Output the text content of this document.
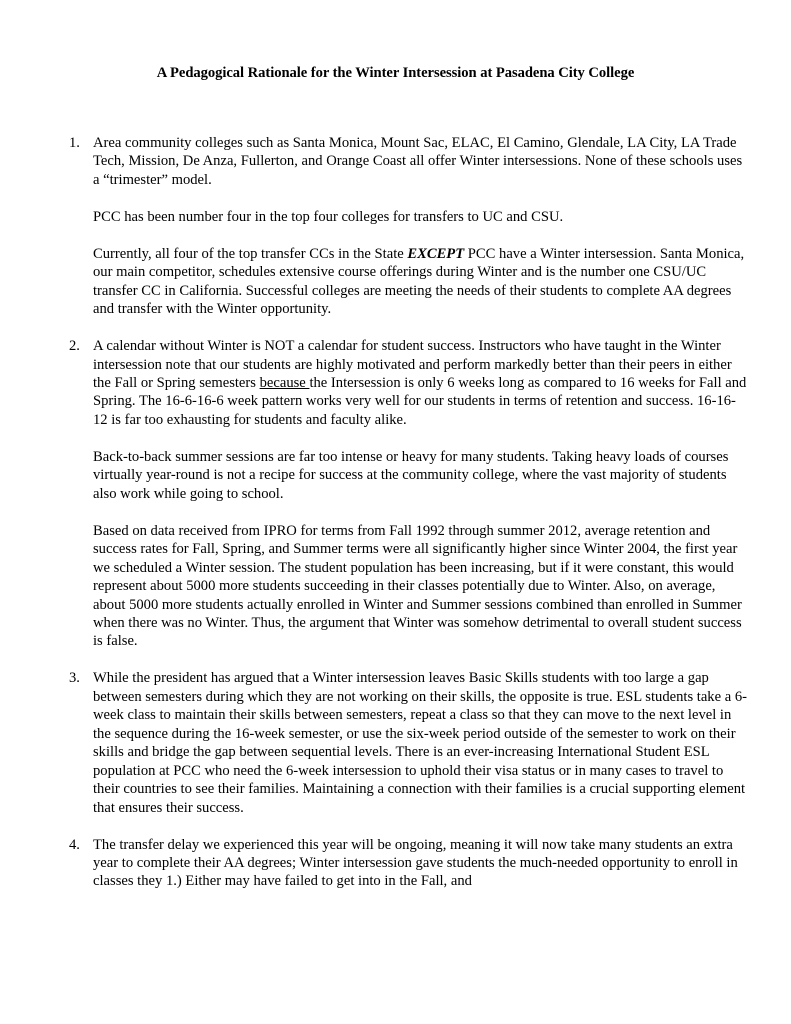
A Pedagogical Rationale for the Winter Intersession at Pasadena City College
1. Area community colleges such as Santa Monica, Mount Sac, ELAC, El Camino, Glendale, LA City, LA Trade Tech, Mission, De Anza, Fullerton, and Orange Coast all offer Winter intersessions. None of these schools uses a “trimester” model.

PCC has been number four in the top four colleges for transfers to UC and CSU.

Currently, all four of the top transfer CCs in the State EXCEPT PCC have a Winter intersession. Santa Monica, our main competitor, schedules extensive course offerings during Winter and is the number one CSU/UC transfer CC in California. Successful colleges are meeting the needs of their students to complete AA degrees and transfer with the Winter opportunity.

2. A calendar without Winter is NOT a calendar for student success. Instructors who have taught in the Winter intersession note that our students are highly motivated and perform markedly better than their peers in either the Fall or Spring semesters because the Intersession is only 6 weeks long as compared to 16 weeks for Fall and Spring. The 16-6-16-6 week pattern works very well for our students in terms of retention and success. 16-16-12 is far too exhausting for students and faculty alike.

Back-to-back summer sessions are far too intense or heavy for many students. Taking heavy loads of courses virtually year-round is not a recipe for success at the community college, where the vast majority of students also work while going to school.

Based on data received from IPRO for terms from Fall 1992 through summer 2012, average retention and success rates for Fall, Spring, and Summer terms were all significantly higher since Winter 2004, the first year we scheduled a Winter session. The student population has been increasing, but if it were constant, this would represent about 5000 more students succeeding in their classes potentially due to Winter. Also, on average, about 5000 more students actually enrolled in Winter and Summer sessions combined than enrolled in Summer when there was no Winter. Thus, the argument that Winter was somehow detrimental to overall student success is false.

3. While the president has argued that a Winter intersession leaves Basic Skills students with too large a gap between semesters during which they are not working on their skills, the opposite is true. ESL students take a 6-week class to maintain their skills between semesters, repeat a class so that they can move to the next level in the sequence during the 16-week semester, or use the six-week period outside of the semester to work on their skills and bridge the gap between sequential levels. There is an ever-increasing International Student ESL population at PCC who need the 6-week intersession to uphold their visa status or in many cases to travel to their countries to see their families. Maintaining a connection with their families is a crucial supporting element that ensures their success.

4. The transfer delay we experienced this year will be ongoing, meaning it will now take many students an extra year to complete their AA degrees; Winter intersession gave students the much-needed opportunity to enroll in classes they 1.) Either may have failed to get into in the Fall, and
